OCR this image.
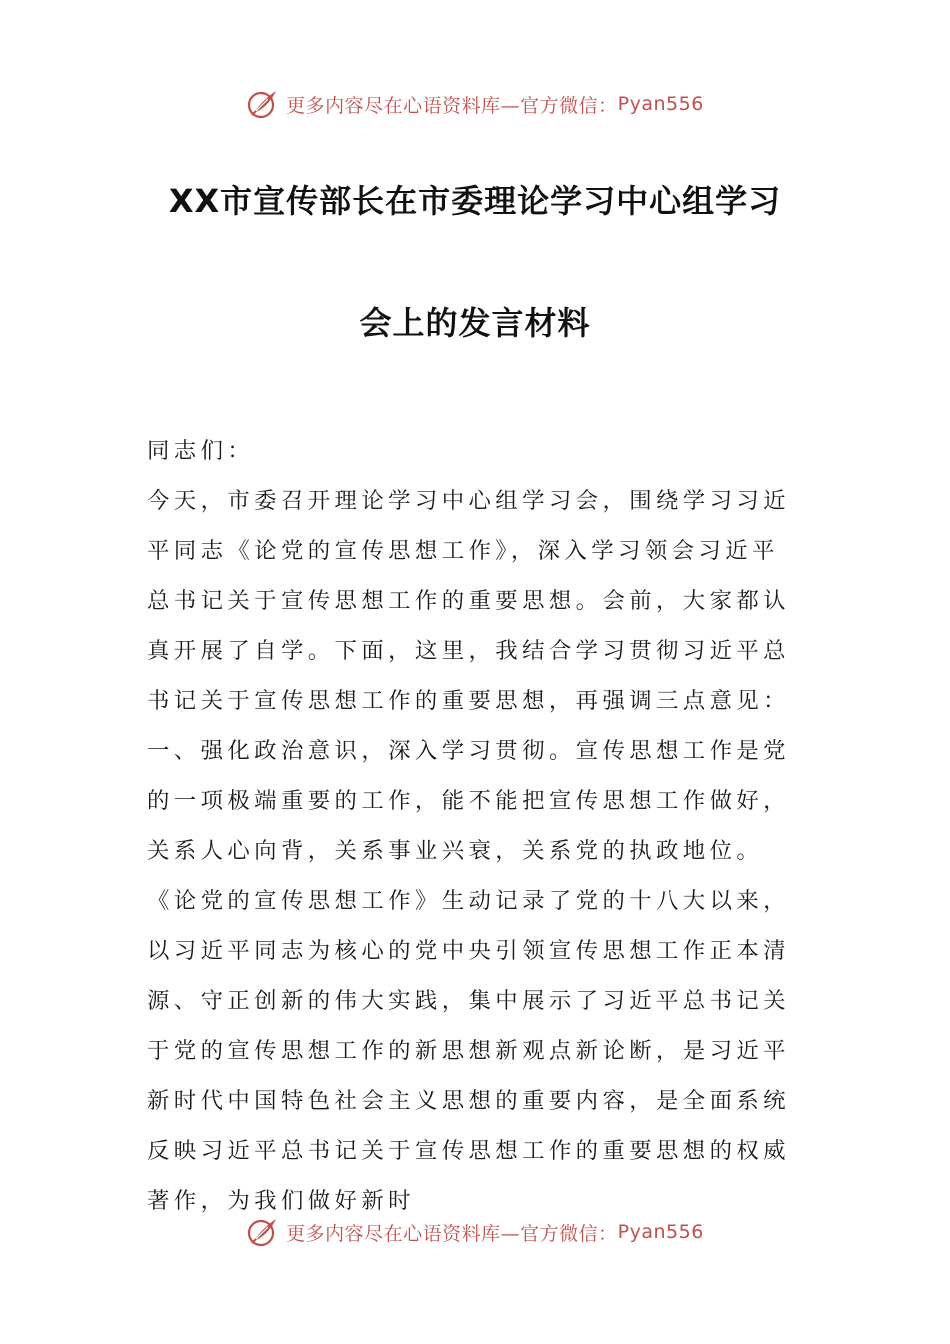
更多内容尽在心语资料库—官方微信： Pyan556
XX市宣传部长在市委理论学习中心组学习
会上的发言材料

同志们：

今天，市委召开理论学习中心组学习会，围绕学习习近平同志《论党的宣传思想工作》，深入学习领会习近平总书记关于宣传思想工作的重要思想。会前，大家都认真开展了自学。下面，这里，我结合学习贯彻习近平总书记关于宣传思想工作的重要思想，再强调三点意见：

一、强化政治意识，深入学习贯彻。宣传思想工作是党的一项极端重要的工作，能不能把宣传思想工作做好，关系人心向背，关系事业兴衰，关系党的执政地位。《论党的宣传思想工作》生动记录了党的十八大以来，以习近平同志为核心的党中央引领宣传思想工作正本清源、守正创新的伟大实践，集中展示了习近平总书记关于党的宣传思想工作的新思想新观点新论断，是习近平新时代中国特色社会主义思想的重要内容，是全面系统反映习近平总书记关于宣传思想工作的重要思想的权威著作，为我们做好新时

更多内容尽在心语资料库—官方微信： Pyan556
